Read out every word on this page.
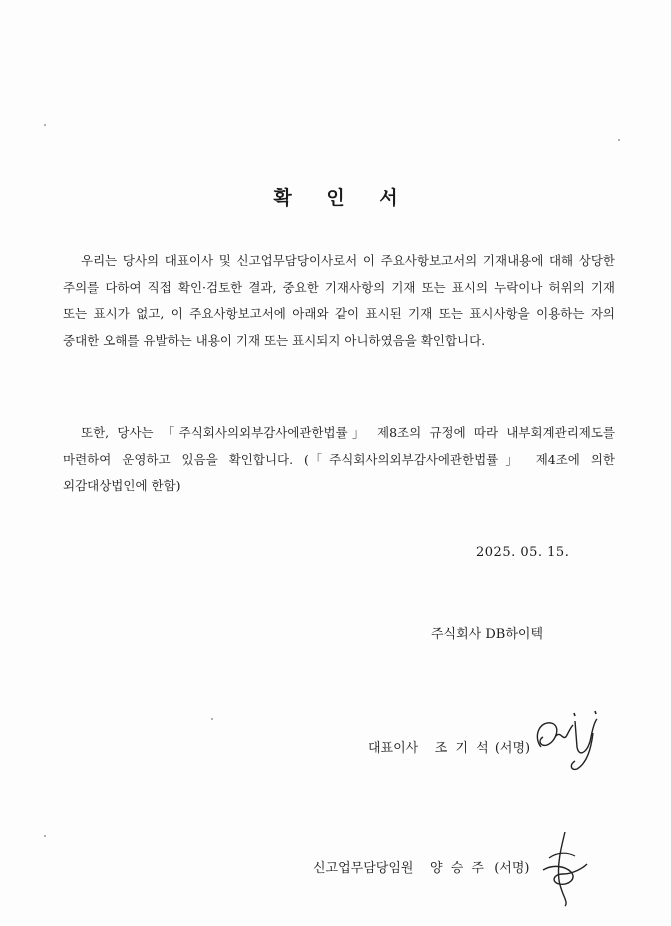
확 인 서
우리는 당사의 대표이사 및 신고업무담당이사로서 이 주요사항보고서의 기재내용에 대해 상당한 주의를 다하여 직접 확인·검토한 결과, 중요한 기재사항의 기재 또는 표시의 누락이나 허위의 기재 또는 표시가 없고, 이 주요사항보고서에 아래와 같이 표시된 기재 또는 표시사항을 이용하는 자의 중대한 오해를 유발하는 내용이 기재 또는 표시되지 아니하였음을 확인합니다.
또한, 당사는 「주식회사의외부감사에관한법률」 제8조의 규정에 따라 내부회계관리제도를 마련하여 운영하고 있음을 확인합니다. (「주식회사의외부감사에관한법률」 제4조에 의한 외감대상법인에 한함)
2025. 05. 15.
주식회사 DB하이텍
대표이사 조 기 석 (서명)
신고업무담당임원 양 승 주 (서명)
